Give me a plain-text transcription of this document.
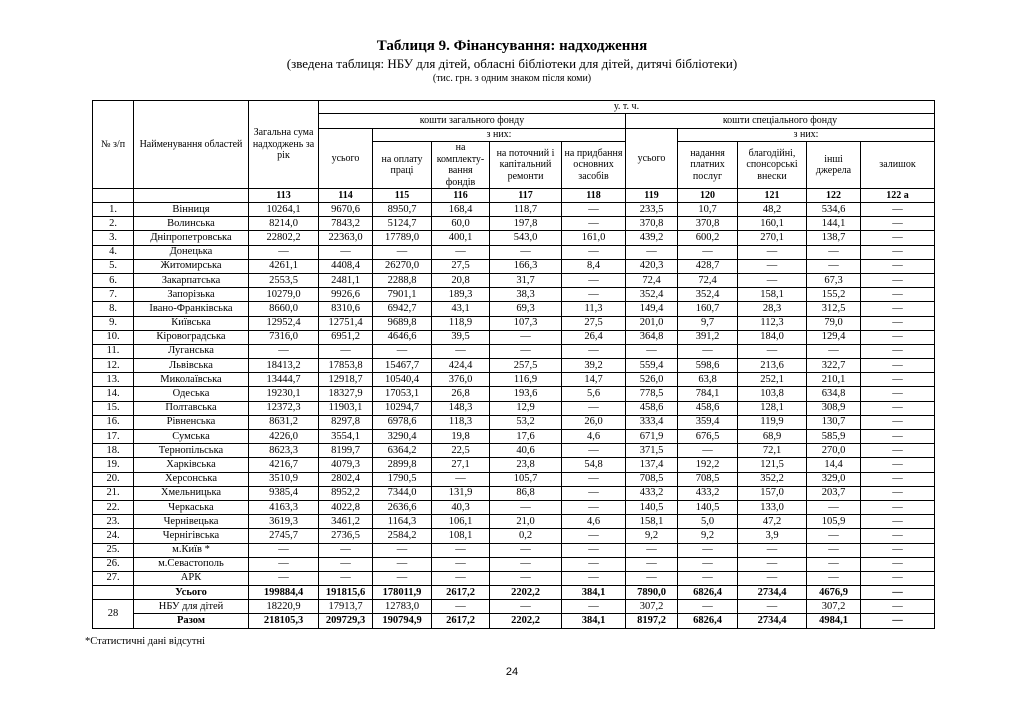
Таблиця 9. Фінансування: надходження
(зведена таблиця: НБУ для дітей, обласні бібліотеки для дітей, дитячі бібліотеки)
(тис. грн. з одним знаком після коми)
№ з/п	Найменування областей	Загальна сума надходжень за рік	у. т. ч.									
			кошти загального фонду					кошти спеціального фонду				
			усього	з них:				усього	з них:			
				на оплату праці	на комплекту-вання фондів	на поточний і капітальний ремонти	на придбання основних засобів		надання платних послуг	благодійні, спонсорські внески	інші джерела	залишок
		113	114	115	116	117	118	119	120	121	122	122 а
1.	Вінниця	10264,1	9670,6	8950,7	168,4	118,7	—	233,5	10,7	48,2	534,6	—
2.	Волинська	8214,0	7843,2	5124,7	60,0	197,8	—	370,8	370,8	160,1	144,1	—
3.	Дніпропетровська	22802,2	22363,0	17789,0	400,1	543,0	161,0	439,2	600,2	270,1	138,7	—
4.	Донецька	—	—	—	—	—	—	—	—	—	—	—
5.	Житомирська	4261,1	4408,4	26270,0	27,5	166,3	8,4	420,3	428,7	—	—	—
6.	Закарпатська	2553,5	2481,1	2288,8	20,8	31,7	—	72,4	72,4	—	67,3	—
7.	Запорізька	10279,0	9926,6	7901,1	189,3	38,3	—	352,4	352,4	158,1	155,2	—
8.	Івано-Франківська	8660,0	8310,6	6942,7	43,1	69,3	11,3	149,4	160,7	28,3	312,5	—
9.	Київська	12952,4	12751,4	9689,8	118,9	107,3	27,5	201,0	9,7	112,3	79,0	—
10.	Кіровоградська	7316,0	6951,2	4646,6	39,5	—	26,4	364,8	391,2	184,0	129,4	—
11.	Луганська	—	—	—	—	—	—	—	—	—	—	—
12.	Львівська	18413,2	17853,8	15467,7	424,4	257,5	39,2	559,4	598,6	213,6	322,7	—
13.	Миколаївська	13444,7	12918,7	10540,4	376,0	116,9	14,7	526,0	63,8	252,1	210,1	—
14.	Одеська	19230,1	18327,9	17053,1	26,8	193,6	5,6	778,5	784,1	103,8	634,8	—
15.	Полтавська	12372,3	11903,1	10294,7	148,3	12,9	—	458,6	458,6	128,1	308,9	—
16.	Рівненська	8631,2	8297,8	6978,6	118,3	53,2	26,0	333,4	359,4	119,9	130,7	—
17.	Сумська	4226,0	3554,1	3290,4	19,8	17,6	4,6	671,9	676,5	68,9	585,9	—
18.	Тернопільська	8623,3	8199,7	6364,2	22,5	40,6	—	371,5	—	72,1	270,0	—
19.	Харківська	4216,7	4079,3	2899,8	27,1	23,8	54,8	137,4	192,2	121,5	14,4	—
20.	Херсонська	3510,9	2802,4	1790,5	—	105,7	—	708,5	708,5	352,2	329,0	—
21.	Хмельницька	9385,4	8952,2	7344,0	131,9	86,8	—	433,2	433,2	157,0	203,7	—
22.	Черкаська	4163,3	4022,8	2636,6	40,3	—	—	140,5	140,5	133,0	—	—
23.	Чернівецька	3619,3	3461,2	1164,3	106,1	21,0	4,6	158,1	5,0	47,2	105,9	—
24.	Чернігівська	2745,7	2736,5	2584,2	108,1	0,2	—	9,2	9,2	3,9	—	—
25.	м.Київ *	—	—	—	—	—	—	—	—	—	—	—
26.	м.Севастополь	—	—	—	—	—	—	—	—	—	—	—
27.	АРК	—	—	—	—	—	—	—	—	—	—	—
	Усього	199884,4	191815,6	178011,9	2617,2	2202,2	384,1	7890,0	6826,4	2734,4	4676,9	—
28	НБУ для дітей	18220,9	17913,7	12783,0	—	—	—	307,2	—	—	307,2	—
	Разом	218105,3	209729,3	190794,9	2617,2	2202,2	384,1	8197,2	6826,4	2734,4	4984,1	—
*Статистичні дані відсутні
24
